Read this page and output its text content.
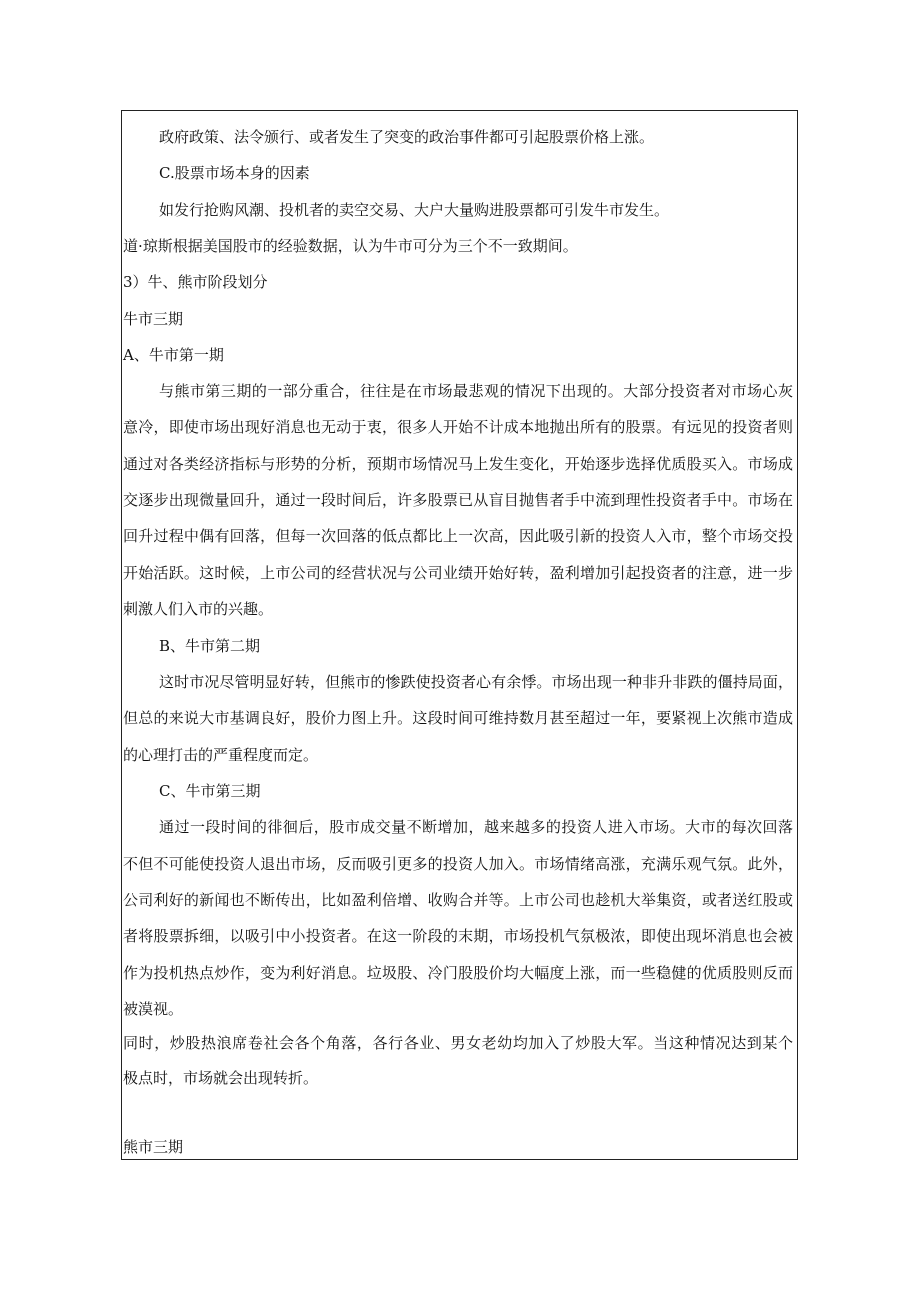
政府政策、法令颁行、或者发生了突变的政治事件都可引起股票价格上涨。
C.股票市场本身的因素
如发行抢购风潮、投机者的卖空交易、大户大量购进股票都可引发牛市发生。
道·琼斯根据美国股市的经验数据，认为牛市可分为三个不一致期间。
3）牛、熊市阶段划分
牛市三期
A、牛市第一期
与熊市第三期的一部分重合，往往是在市场最悲观的情况下出现的。大部分投资者对市场心灰
意冷，即使市场出现好消息也无动于衷，很多人开始不计成本地抛出所有的股票。有远见的投资者则
通过对各类经济指标与形势的分析，预期市场情况马上发生变化，开始逐步选择优质股买入。市场成
交逐步出现微量回升，通过一段时间后，许多股票已从盲目抛售者手中流到理性投资者手中。市场在
回升过程中偶有回落，但每一次回落的低点都比上一次高，因此吸引新的投资人入市，整个市场交投
开始活跃。这时候，上市公司的经营状况与公司业绩开始好转，盈利增加引起投资者的注意，进一步
刺激人们入市的兴趣。
B、牛市第二期
这时市况尽管明显好转，但熊市的惨跌使投资者心有余悸。市场出现一种非升非跌的僵持局面，
但总的来说大市基调良好，股价力图上升。这段时间可维持数月甚至超过一年，要紧视上次熊市造成
的心理打击的严重程度而定。
C、牛市第三期
通过一段时间的徘徊后，股市成交量不断增加，越来越多的投资人进入市场。大市的每次回落
不但不可能使投资人退出市场，反而吸引更多的投资人加入。市场情绪高涨，充满乐观气氛。此外，
公司利好的新闻也不断传出，比如盈利倍增、收购合并等。上市公司也趁机大举集资，或者送红股或
者将股票拆细，以吸引中小投资者。在这一阶段的末期，市场投机气氛极浓，即使出现坏消息也会被
作为投机热点炒作，变为利好消息。垃圾股、冷门股股价均大幅度上涨，而一些稳健的优质股则反而
被漠视。
同时，炒股热浪席卷社会各个角落，各行各业、男女老幼均加入了炒股大军。当这种情况达到某个
极点时，市场就会出现转折。
熊市三期
